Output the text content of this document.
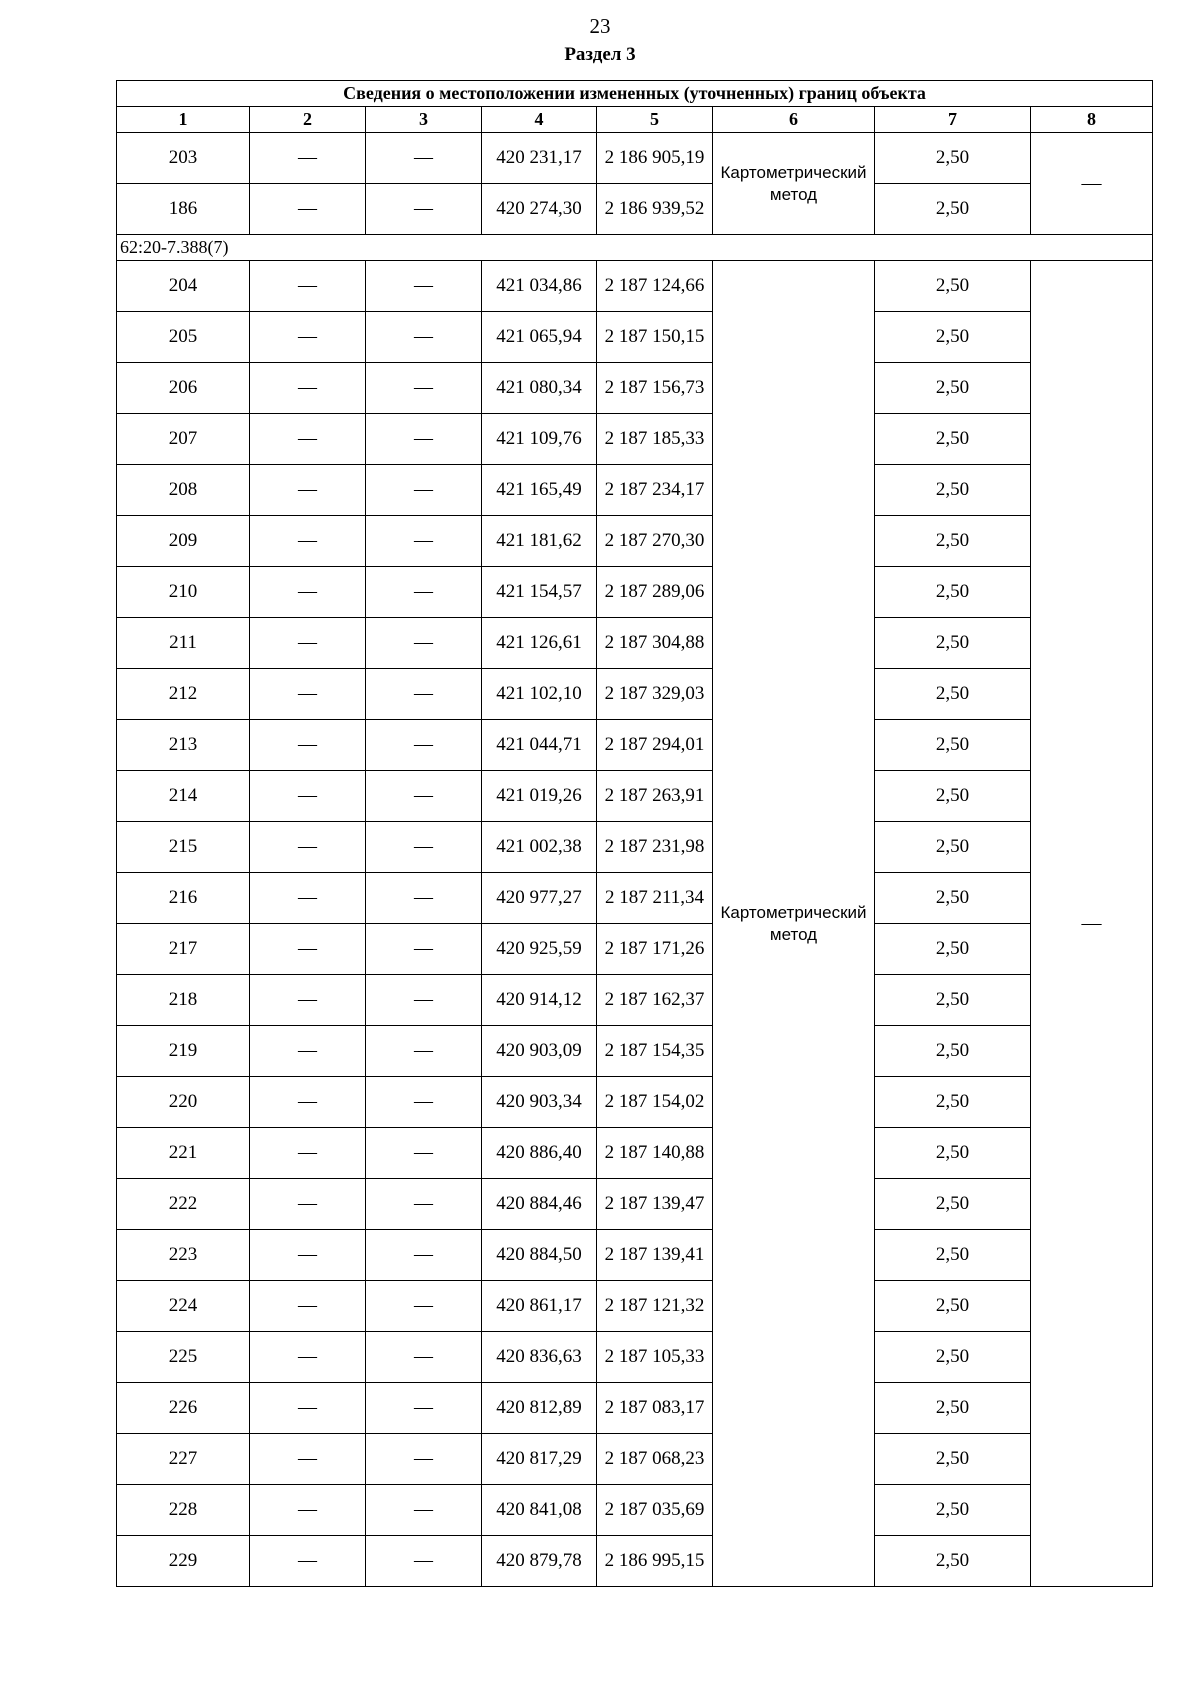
23
Раздел 3
Сведения о местоположении измененных (уточненных) границ объекта							
1	2	3	4	5	6	7	8
203	—	—	420 231,17	2 186 905,19	Картометрический метод	2,50	—
186	—	—	420 274,30	2 186 939,52		2,50	
62:20-7.388(7)							
204	—	—	421 034,86	2 187 124,66	Картометрический метод	2,50	—
205	—	—	421 065,94	2 187 150,15		2,50	
206	—	—	421 080,34	2 187 156,73		2,50	
207	—	—	421 109,76	2 187 185,33		2,50	
208	—	—	421 165,49	2 187 234,17		2,50	
209	—	—	421 181,62	2 187 270,30		2,50	
210	—	—	421 154,57	2 187 289,06		2,50	
211	—	—	421 126,61	2 187 304,88		2,50	
212	—	—	421 102,10	2 187 329,03		2,50	
213	—	—	421 044,71	2 187 294,01		2,50	
214	—	—	421 019,26	2 187 263,91		2,50	
215	—	—	421 002,38	2 187 231,98		2,50	
216	—	—	420 977,27	2 187 211,34		2,50	
217	—	—	420 925,59	2 187 171,26		2,50	
218	—	—	420 914,12	2 187 162,37		2,50	
219	—	—	420 903,09	2 187 154,35		2,50	
220	—	—	420 903,34	2 187 154,02		2,50	
221	—	—	420 886,40	2 187 140,88		2,50	
222	—	—	420 884,46	2 187 139,47		2,50	
223	—	—	420 884,50	2 187 139,41		2,50	
224	—	—	420 861,17	2 187 121,32		2,50	
225	—	—	420 836,63	2 187 105,33		2,50	
226	—	—	420 812,89	2 187 083,17		2,50	
227	—	—	420 817,29	2 187 068,23		2,50	
228	—	—	420 841,08	2 187 035,69		2,50	
229	—	—	420 879,78	2 186 995,15		2,50	
